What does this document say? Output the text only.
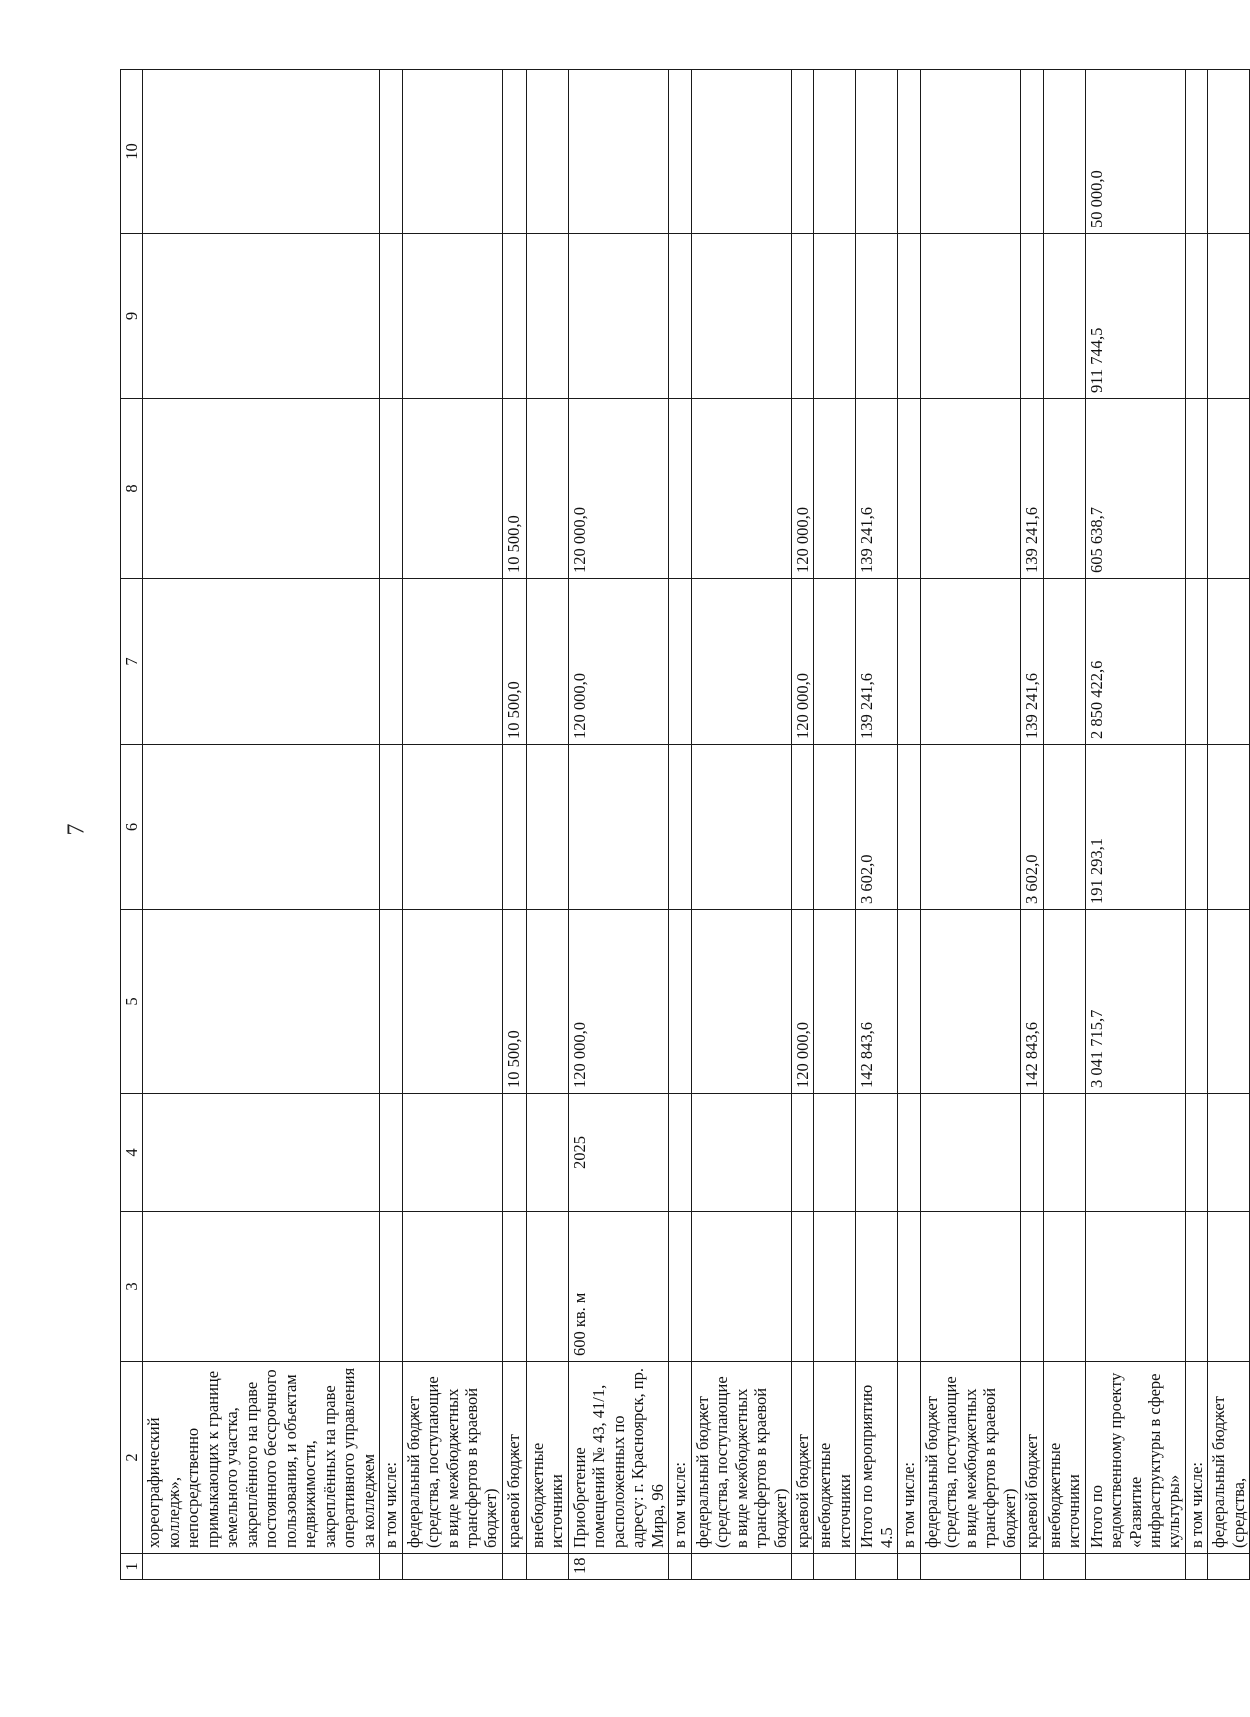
7
1	2	3	4	5	6	7	8	9	10
	хореографический колледж», непосредственно примыкающих к границе земельного участка, закреплённого на праве постоянного бессрочного пользования, и объектам недвижимости, закреплённых на праве оперативного управления за колледжем								
	в том числе:								
	федеральный бюджет (средства, поступающие в виде межбюджетных трансфертов в краевой бюджет)								
	краевой бюджет			10 500,0		10 500,0	10 500,0		
	внебюджетные источники								
18	Приобретение помещений № 43, 41/1, расположенных по адресу: г. Красноярск, пр. Мира, 96	600 кв. м	2025	120 000,0		120 000,0	120 000,0		
	в том числе:								
	федеральный бюджет (средства, поступающие в виде межбюджетных трансфертов в краевой бюджет)								
	краевой бюджет			120 000,0		120 000,0	120 000,0		
	внебюджетные источники								
	Итого по мероприятию 4.5			142 843,6	3 602,0	139 241,6	139 241,6		
	в том числе:								
	федеральный бюджет (средства, поступающие в виде межбюджетных трансфертов в краевой бюджет)								
	краевой бюджет			142 843,6	3 602,0	139 241,6	139 241,6		
	внебюджетные источники								
	Итого по ведомственному проекту «Развитие инфраструктуры в сфере культуры»			3 041 715,7	191 293,1	2 850 422,6	605 638,7	911 744,5	50 000,0
	в том числе:								
	федеральный бюджет (средства,								
